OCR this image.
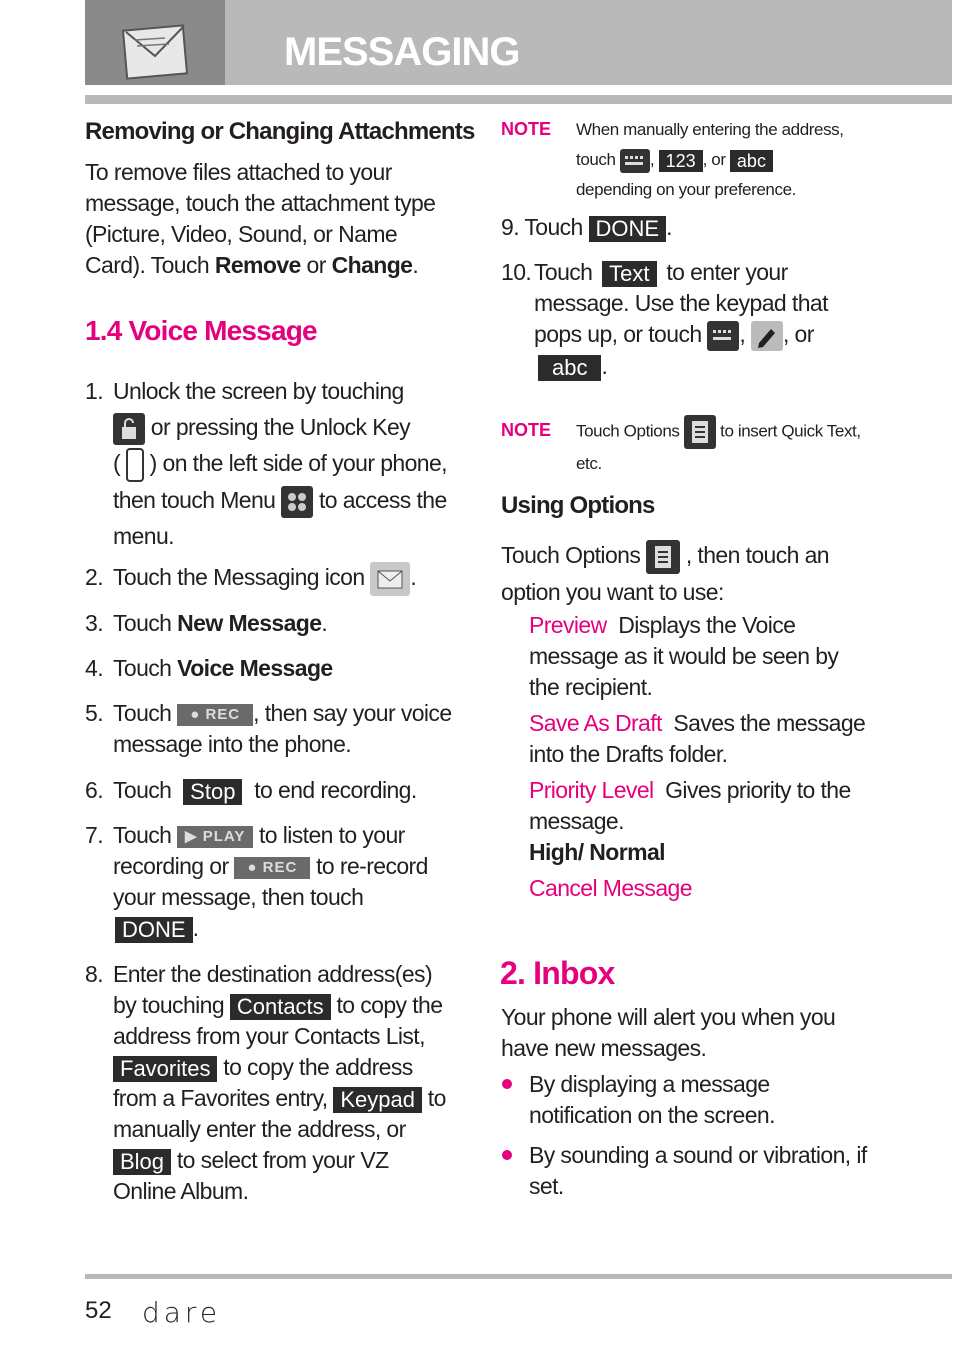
MESSAGING
Removing or Changing Attachments
To remove files attached to your message, touch the attachment type (Picture, Video, Sound, or Name Card). Touch Remove or Change.
1.4 Voice Message
1. Unlock the screen by touching
or pressing the Unlock Key
(  ) on the left side of your phone, then touch Menu to access the menu.
2. Touch the Messaging icon .
3. Touch New Message.
4. Touch Voice Message
5. Touch ● REC , then say your voice message into the phone.
6. Touch Stop to end recording.
7. Touch ▶ PLAY to listen to your recording or ● REC to re-record your message, then touch
DONE .
8. Enter the destination address(es) by touching Contacts to copy the address from your Contacts List, Favorites to copy the address from a Favorites entry, Keypad to manually enter the address, or Blog to select from your VZ Online Album.
NOTE When manually entering the address,
touch , 123 , or abc
depending on your preference.
9. Touch DONE .
10. Touch Text to enter your message. Use the keypad that pops up, or touch , , or
abc .
NOTE Touch Options to insert Quick Text, etc.
Using Options
Touch Options , then touch an option you want to use:
Preview Displays the Voice message as it would be seen by the recipient.
Save As Draft Saves the message into the Drafts folder.
Priority Level Gives priority to the message.
High/ Normal
Cancel Message
2. Inbox
Your phone will alert you when you have new messages.
By displaying a message notification on the screen.
By sounding a sound or vibration, if set.
52 dare
